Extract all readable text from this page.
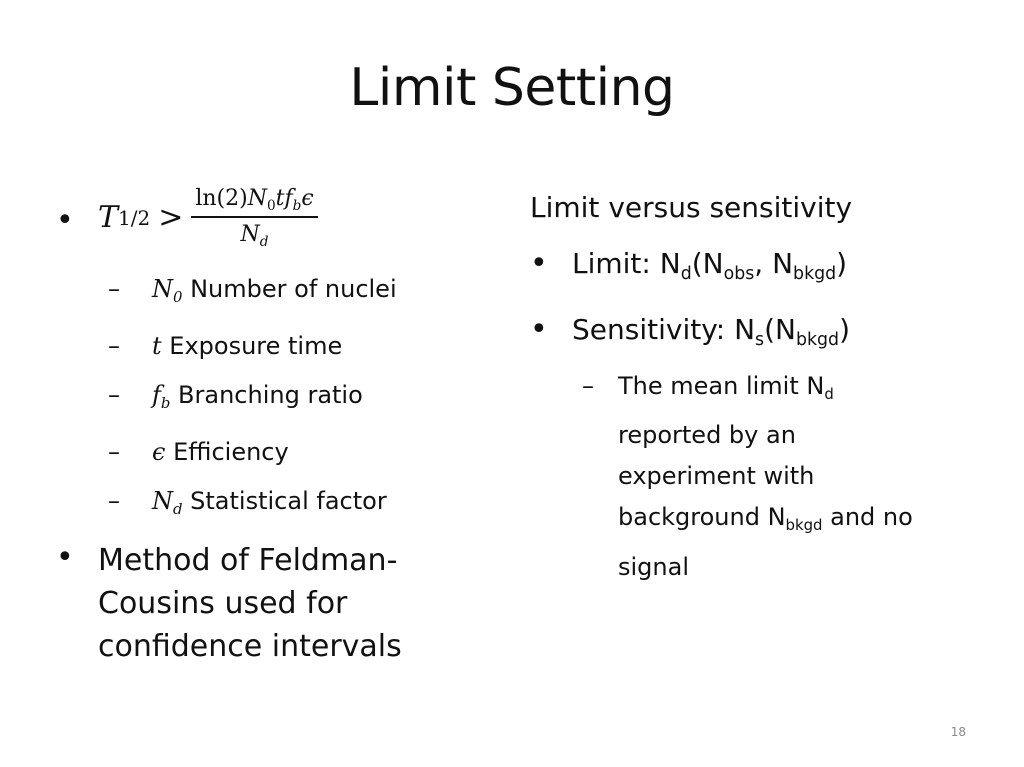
Limit Setting
• T $1/2 > \frac{\ln(2)N_0tf_b\epsilon}{N_d}$
– $N_0$ Number of nuclei
– t Exposure time
– $f_b$ Branching ratio
– ϵ Efficiency
– $N_d$ Statistical factor
• Method of Feldman-
Cousins used for
confidence intervals
Limit versus sensitivity
• Limit: $N_d(N_{obs}$, $N_{bkgd}$)
• Sensitivity: $N_s(N_{bkgd})$
– The mean limit $N_d$
reported by an
experiment with
background $N_{bkgd}$ and no
signal
18
